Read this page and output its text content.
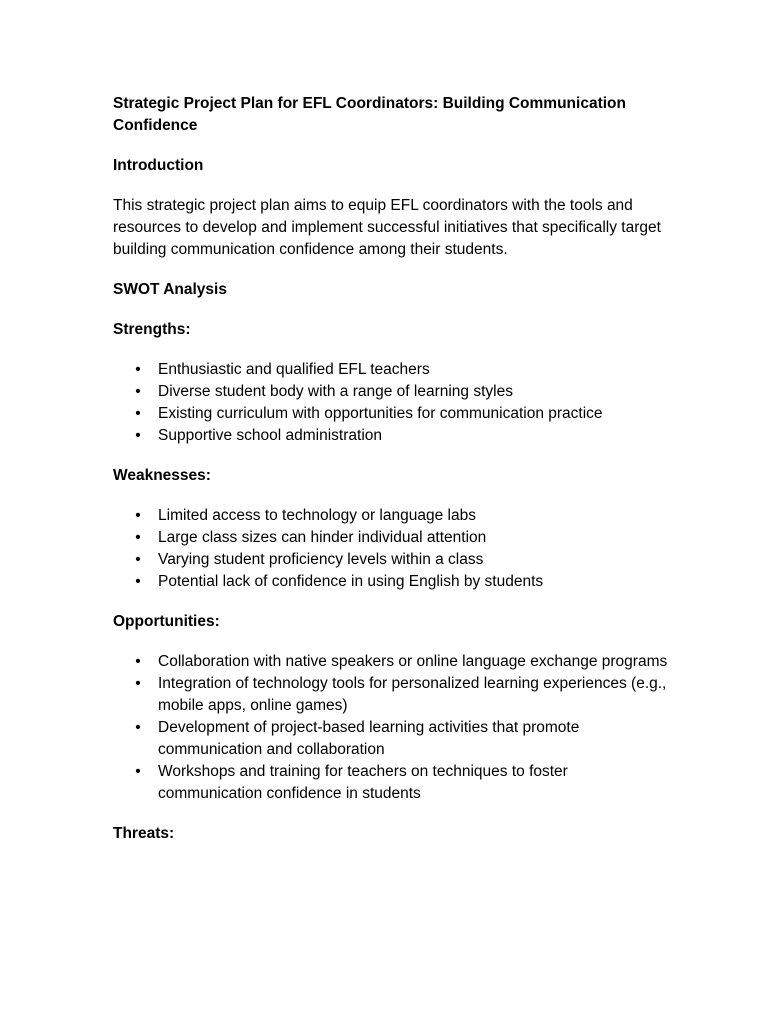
Strategic Project Plan for EFL Coordinators: Building Communication Confidence
Introduction
This strategic project plan aims to equip EFL coordinators with the tools and resources to develop and implement successful initiatives that specifically target building communication confidence among their students.
SWOT Analysis
Strengths:
• Enthusiastic and qualified EFL teachers
• Diverse student body with a range of learning styles
• Existing curriculum with opportunities for communication practice
• Supportive school administration
Weaknesses:
• Limited access to technology or language labs
• Large class sizes can hinder individual attention
• Varying student proficiency levels within a class
• Potential lack of confidence in using English by students
Opportunities:
• Collaboration with native speakers or online language exchange programs
• Integration of technology tools for personalized learning experiences (e.g., mobile apps, online games)
• Development of project-based learning activities that promote communication and collaboration
• Workshops and training for teachers on techniques to foster communication confidence in students
Threats:
